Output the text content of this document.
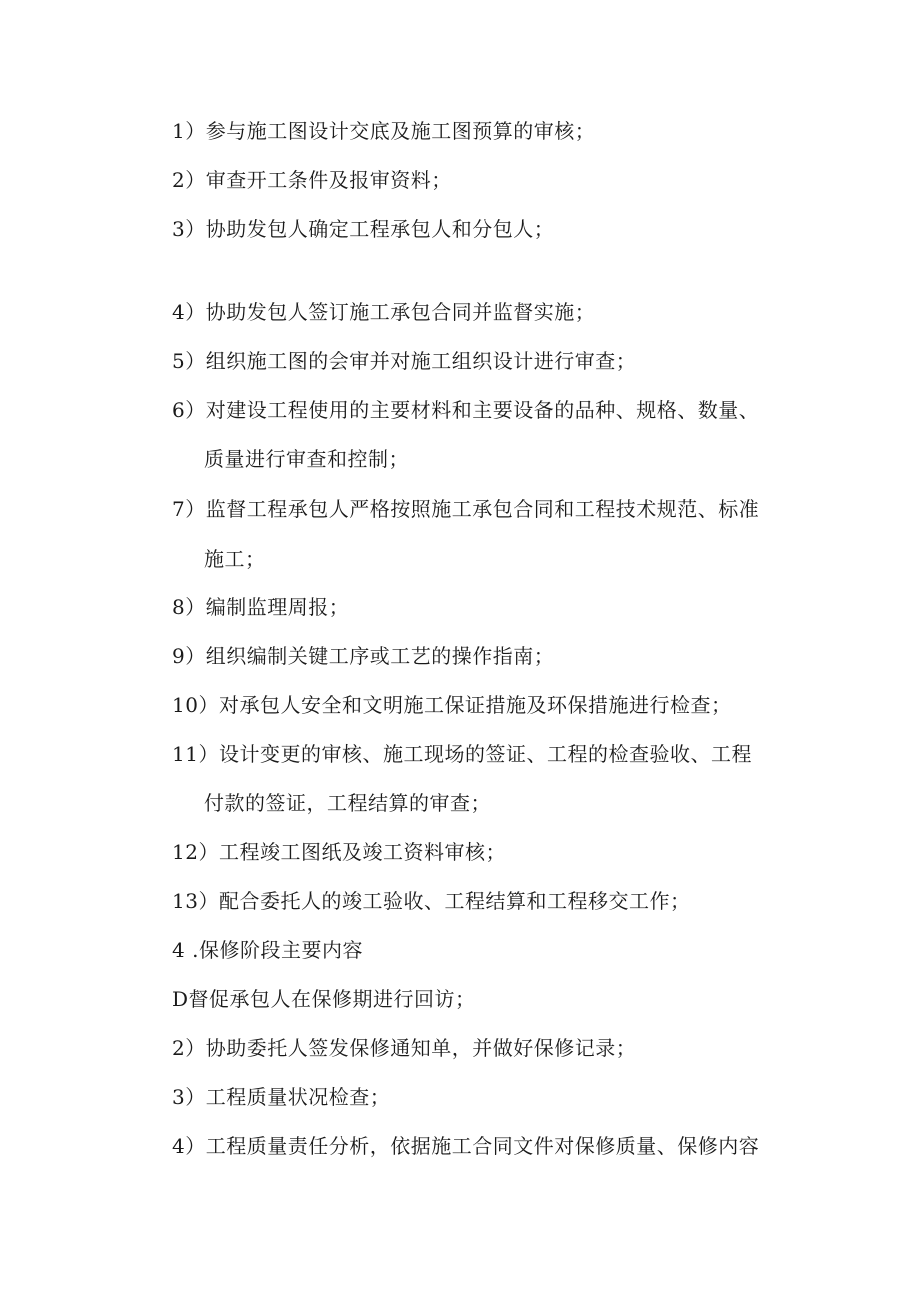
1）参与施工图设计交底及施工图预算的审核；
2）审查开工条件及报审资料；
3）协助发包人确定工程承包人和分包人；
4）协助发包人签订施工承包合同并监督实施；
5）组织施工图的会审并对施工组织设计进行审查；
6）对建设工程使用的主要材料和主要设备的品种、规格、数量、
质量进行审查和控制；
7）监督工程承包人严格按照施工承包合同和工程技术规范、标准
施工；
8）编制监理周报；
9）组织编制关键工序或工艺的操作指南；
10）对承包人安全和文明施工保证措施及环保措施进行检查；
11）设计变更的审核、施工现场的签证、工程的检查验收、工程
付款的签证，工程结算的审查；
12）工程竣工图纸及竣工资料审核；
13）配合委托人的竣工验收、工程结算和工程移交工作；
4 .保修阶段主要内容
D督促承包人在保修期进行回访；
2）协助委托人签发保修通知单，并做好保修记录；
3）工程质量状况检查；
4）工程质量责任分析，依据施工合同文件对保修质量、保修内容
